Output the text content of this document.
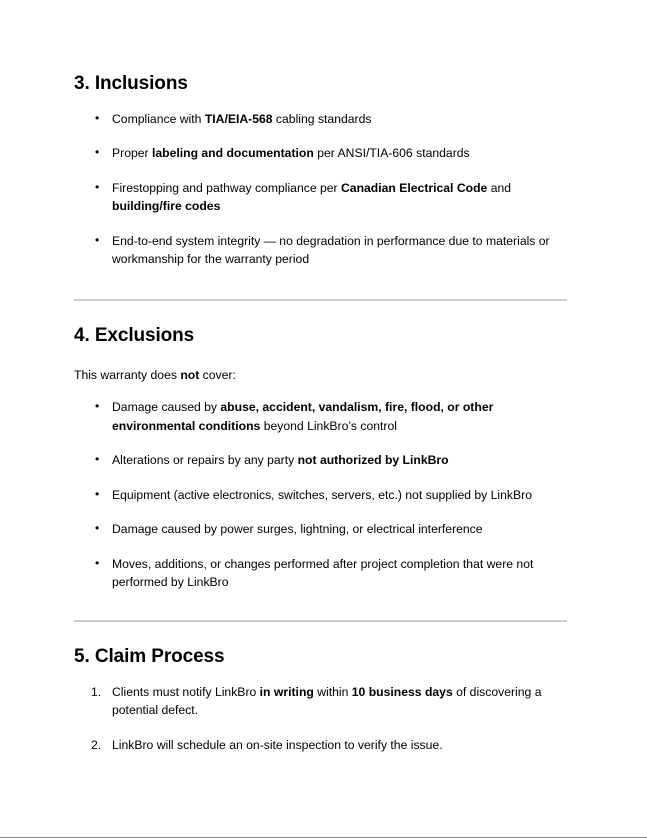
3. Inclusions
• Compliance with TIA/EIA-568 cabling standards
• Proper labeling and documentation per ANSI/TIA-606 standards
• Firestopping and pathway compliance per Canadian Electrical Code and building/fire codes
• End-to-end system integrity — no degradation in performance due to materials or workmanship for the warranty period
4. Exclusions

This warranty does not cover:

• Damage caused by abuse, accident, vandalism, fire, flood, or other environmental conditions beyond LinkBro’s control
• Alterations or repairs by any party not authorized by LinkBro
• Equipment (active electronics, switches, servers, etc.) not supplied by LinkBro
• Damage caused by power surges, lightning, or electrical interference
• Moves, additions, or changes performed after project completion that were not performed by LinkBro
5. Claim Process
Clients must notify LinkBro in writing within 10 business days of discovering a potential defect.
LinkBro will schedule an on-site inspection to verify the issue.
